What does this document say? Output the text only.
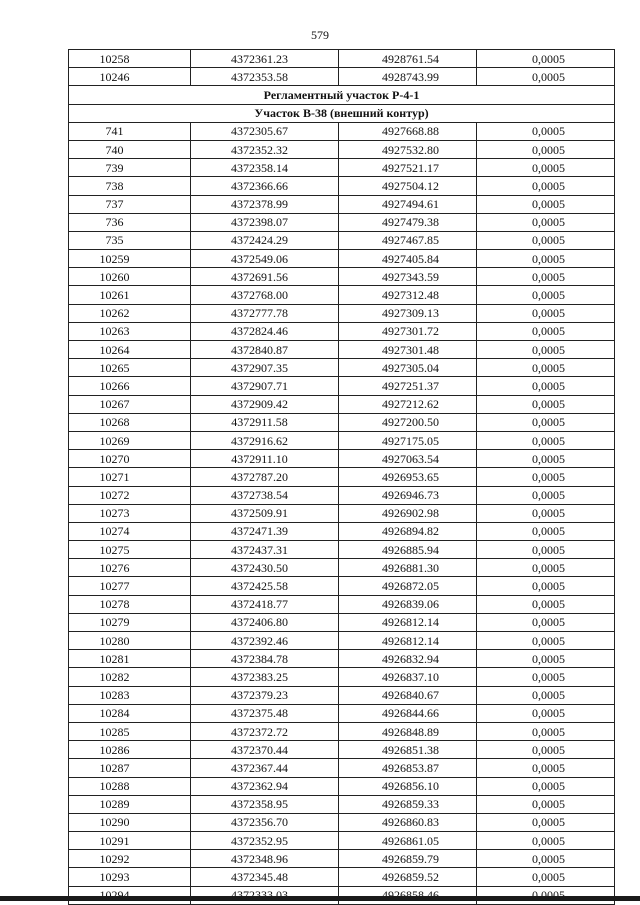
579
10258	4372361.23	4928761.54	0,0005
10246	4372353.58	4928743.99	0,0005
Регламентный участок Р-4-1			
Участок В-38 (внешний контур)			
741	4372305.67	4927668.88	0,0005
740	4372352.32	4927532.80	0,0005
739	4372358.14	4927521.17	0,0005
738	4372366.66	4927504.12	0,0005
737	4372378.99	4927494.61	0,0005
736	4372398.07	4927479.38	0,0005
735	4372424.29	4927467.85	0,0005
10259	4372549.06	4927405.84	0,0005
10260	4372691.56	4927343.59	0,0005
10261	4372768.00	4927312.48	0,0005
10262	4372777.78	4927309.13	0,0005
10263	4372824.46	4927301.72	0,0005
10264	4372840.87	4927301.48	0,0005
10265	4372907.35	4927305.04	0,0005
10266	4372907.71	4927251.37	0,0005
10267	4372909.42	4927212.62	0,0005
10268	4372911.58	4927200.50	0,0005
10269	4372916.62	4927175.05	0,0005
10270	4372911.10	4927063.54	0,0005
10271	4372787.20	4926953.65	0,0005
10272	4372738.54	4926946.73	0,0005
10273	4372509.91	4926902.98	0,0005
10274	4372471.39	4926894.82	0,0005
10275	4372437.31	4926885.94	0,0005
10276	4372430.50	4926881.30	0,0005
10277	4372425.58	4926872.05	0,0005
10278	4372418.77	4926839.06	0,0005
10279	4372406.80	4926812.14	0,0005
10280	4372392.46	4926812.14	0,0005
10281	4372384.78	4926832.94	0,0005
10282	4372383.25	4926837.10	0,0005
10283	4372379.23	4926840.67	0,0005
10284	4372375.48	4926844.66	0,0005
10285	4372372.72	4926848.89	0,0005
10286	4372370.44	4926851.38	0,0005
10287	4372367.44	4926853.87	0,0005
10288	4372362.94	4926856.10	0,0005
10289	4372358.95	4926859.33	0,0005
10290	4372356.70	4926860.83	0,0005
10291	4372352.95	4926861.05	0,0005
10292	4372348.96	4926859.79	0,0005
10293	4372345.48	4926859.52	0,0005
